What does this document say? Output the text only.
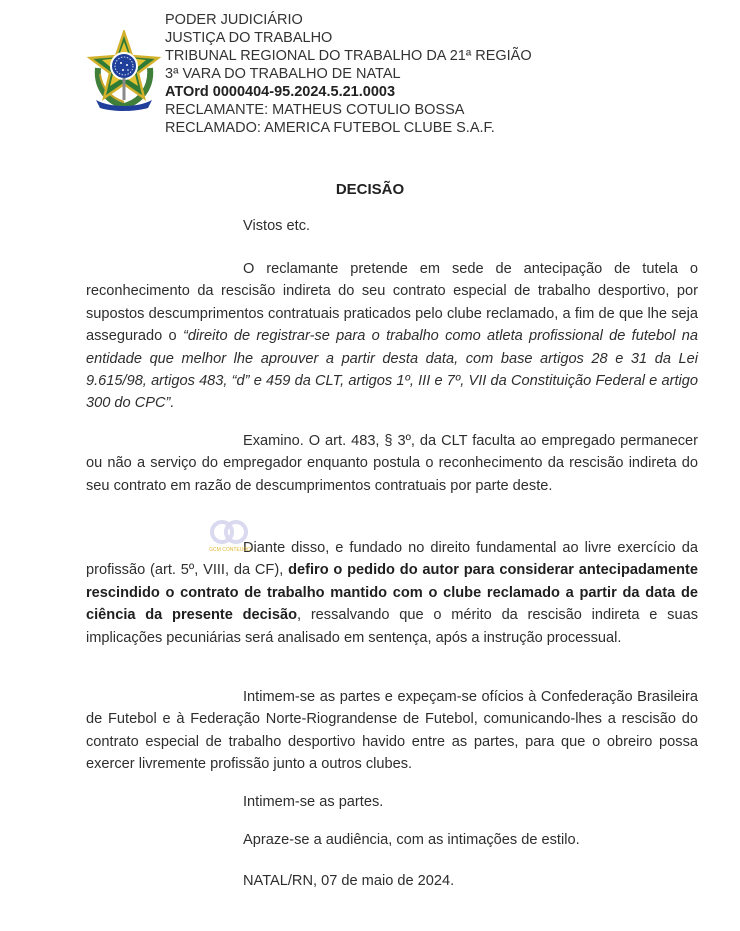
PODER JUDICIÁRIO
JUSTIÇA DO TRABALHO
TRIBUNAL REGIONAL DO TRABALHO DA 21ª REGIÃO
3ª VARA DO TRABALHO DE NATAL
ATOrd 0000404-95.2024.5.21.0003
RECLAMANTE: MATHEUS COTULIO BOSSA
RECLAMADO: AMERICA FUTEBOL CLUBE S.A.F.
DECISÃO
Vistos etc.
O reclamante pretende em sede de antecipação de tutela o reconhecimento da rescisão indireta do seu contrato especial de trabalho desportivo, por supostos descumprimentos contratuais praticados pelo clube reclamado, a fim de que lhe seja assegurado o “direito de registrar-se para o trabalho como atleta profissional de futebol na entidade que melhor lhe aprouver a partir desta data, com base artigos 28 e 31 da Lei 9.615/98, artigos 483, “d” e 459 da CLT, artigos 1º, III e 7º, VII da Constituição Federal e artigo 300 do CPC”.
Examino. O art. 483, § 3º, da CLT faculta ao empregado permanecer ou não a serviço do empregador enquanto postula o reconhecimento da rescisão indireta do seu contrato em razão de descumprimentos contratuais por parte deste.
Diante disso, e fundado no direito fundamental ao livre exercício da profissão (art. 5º, VIII, da CF), defiro o pedido do autor para considerar antecipadamente rescindido o contrato de trabalho mantido com o clube reclamado a partir da data de ciência da presente decisão, ressalvando que o mérito da rescisão indireta e suas implicações pecuniárias será analisado em sentença, após a instrução processual.
Intimem-se as partes e expeçam-se ofícios à Confederação Brasileira de Futebol e à Federação Norte-Riograndense de Futebol, comunicando-lhes a rescisão do contrato especial de trabalho desportivo havido entre as partes, para que o obreiro possa exercer livremente profissão junto a outros clubes.
Intimem-se as partes.
Apraze-se a audiência, com as intimações de estilo.
NATAL/RN, 07 de maio de 2024.
GCM CONTEUDO
